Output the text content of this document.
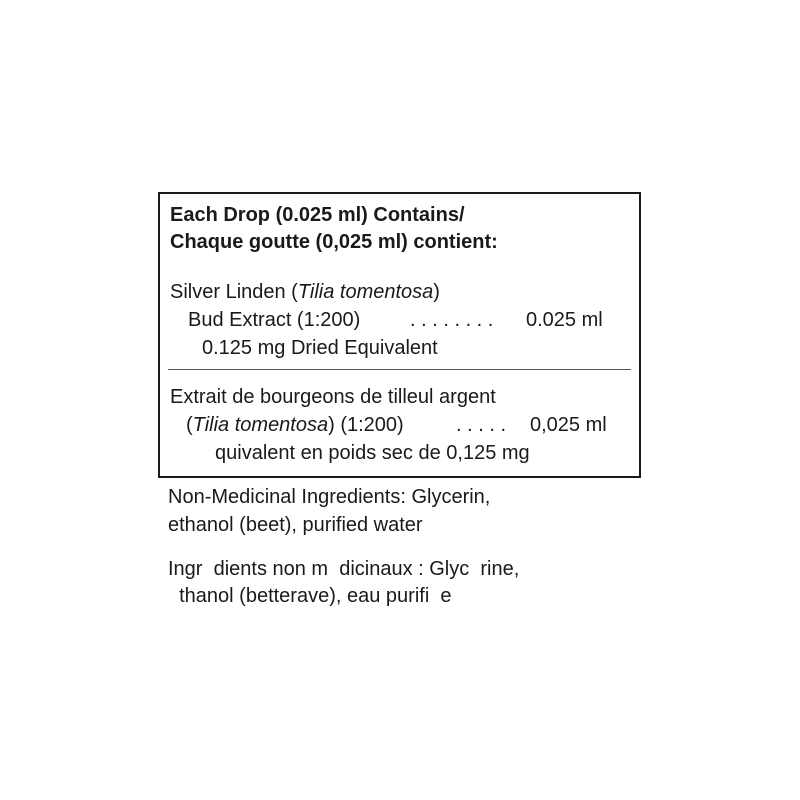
Each Drop (0.025 ml) Contains/
Chaque goutte (0,025 ml) contient:
Silver Linden (Tilia tomentosa)
Bud Extract (1:200) . . . . . . . . 0.025 ml
0.125 mg Dried Equivalent
Extrait de bourgeons de tilleul argent
(Tilia tomentosa) (1:200)	. . . . . 0,025 ml
quivalent en poids sec de 0,125 mg
Non-Medicinal Ingredients: Glycerin,
ethanol (beet), purified water
Ingr  dients non m  dicinaux : Glyc  rine,
thanol (betterave), eau purifi  e
